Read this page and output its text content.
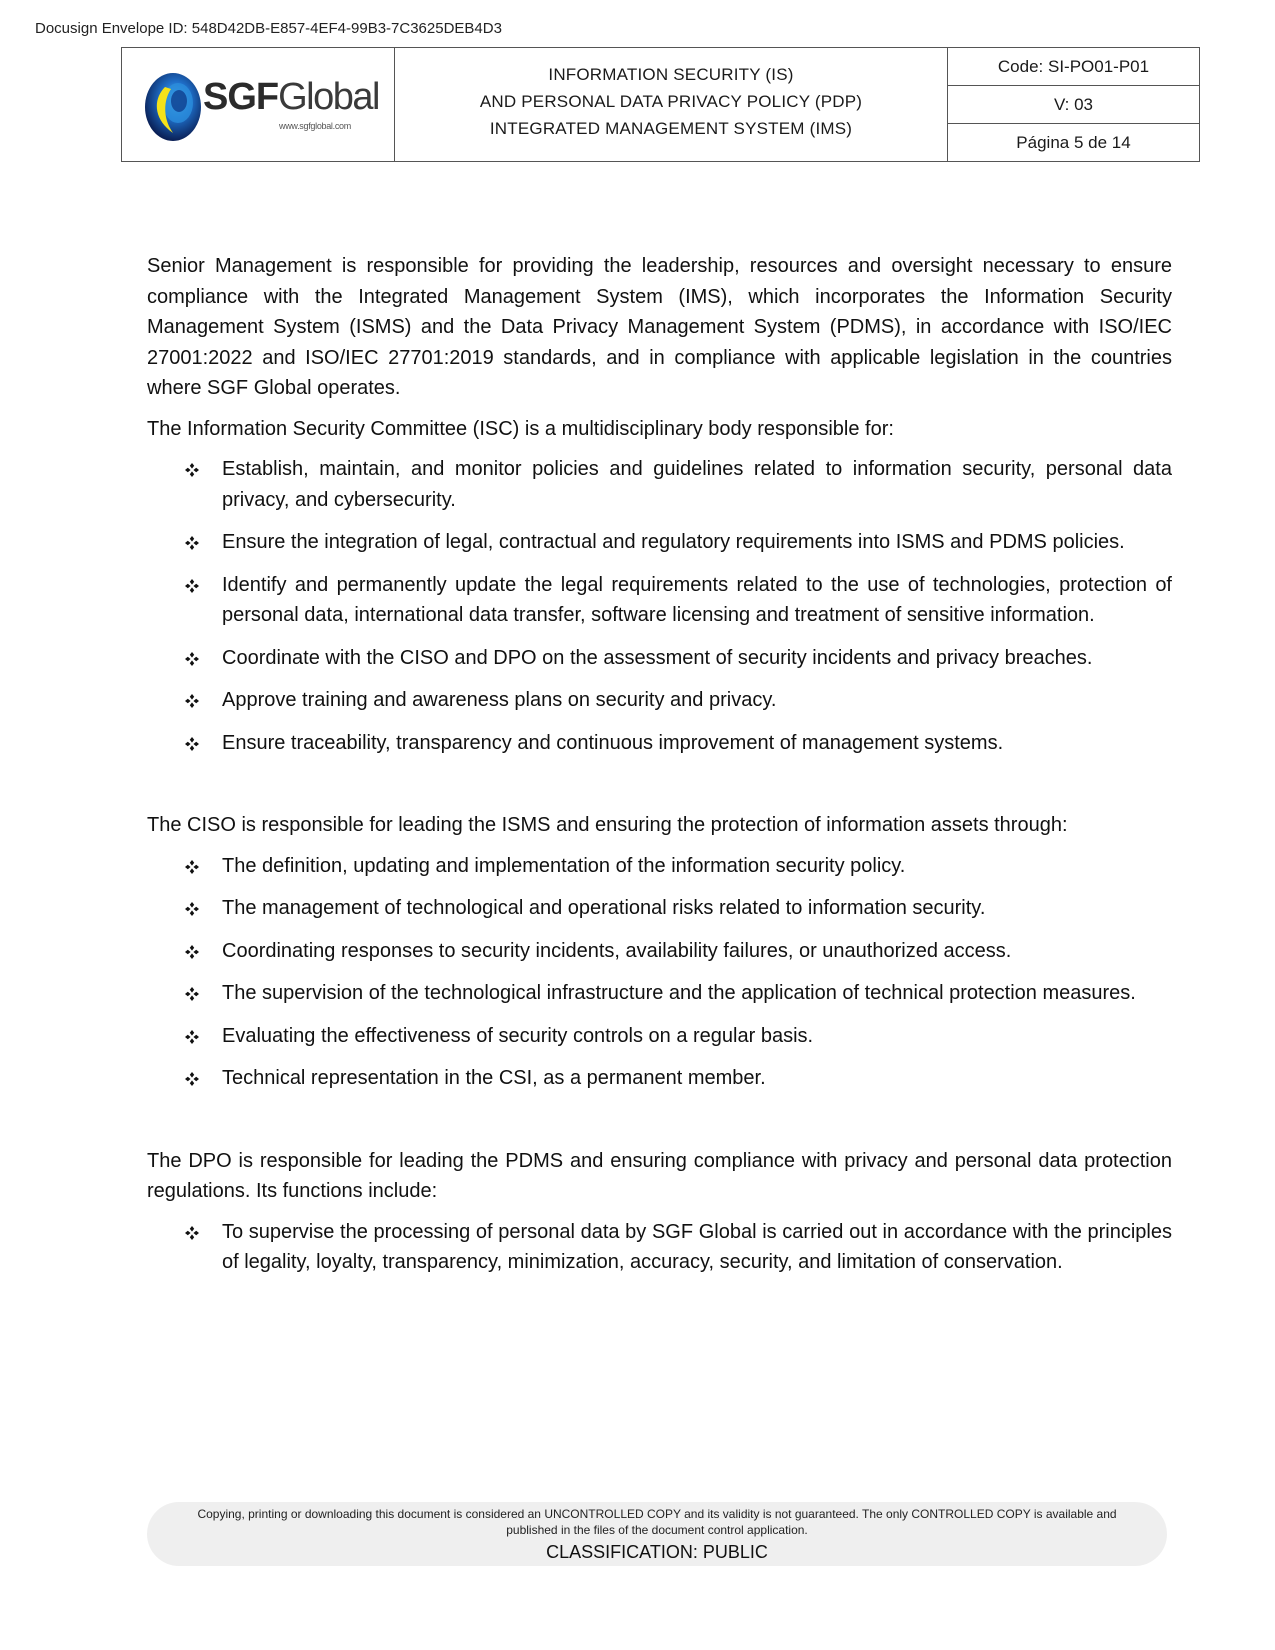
Docusign Envelope ID: 548D42DB-E857-4EF4-99B3-7C3625DEB4D3
SGFGlobal
www.sgfglobal.com
INFORMATION SECURITY (IS)
AND PERSONAL DATA PRIVACY POLICY (PDP)
INTEGRATED MANAGEMENT SYSTEM (IMS)
Code: SI-PO01-P01
V: 03
Página 5 de 14

Senior Management is responsible for providing the leadership, resources and oversight necessary to ensure compliance with the Integrated Management System (IMS), which incorporates the Information Security Management System (ISMS) and the Data Privacy Management System (PDMS), in accordance with ISO/IEC 27001:2022 and ISO/IEC 27701:2019 standards, and in compliance with applicable legislation in the countries where SGF Global operates.

The Information Security Committee (ISC) is a multidisciplinary body responsible for:

Establish, maintain, and monitor policies and guidelines related to information security, personal data privacy, and cybersecurity.
Ensure the integration of legal, contractual and regulatory requirements into ISMS and PDMS policies.
Identify and permanently update the legal requirements related to the use of technologies, protection of personal data, international data transfer, software licensing and treatment of sensitive information.
Coordinate with the CISO and DPO on the assessment of security incidents and privacy breaches.
Approve training and awareness plans on security and privacy.
Ensure traceability, transparency and continuous improvement of management systems.

The CISO is responsible for leading the ISMS and ensuring the protection of information assets through:

The definition, updating and implementation of the information security policy.
The management of technological and operational risks related to information security.
Coordinating responses to security incidents, availability failures, or unauthorized access.
The supervision of the technological infrastructure and the application of technical protection measures.
Evaluating the effectiveness of security controls on a regular basis.
Technical representation in the CSI, as a permanent member.

The DPO is responsible for leading the PDMS and ensuring compliance with privacy and personal data protection regulations. Its functions include:

To supervise the processing of personal data by SGF Global is carried out in accordance with the principles of legality, loyalty, transparency, minimization, accuracy, security, and limitation of conservation.
Copying, printing or downloading this document is considered an UNCONTROLLED COPY and its validity is not guaranteed. The only CONTROLLED COPY is available and published in the files of the document control application.
CLASSIFICATION: PUBLIC
